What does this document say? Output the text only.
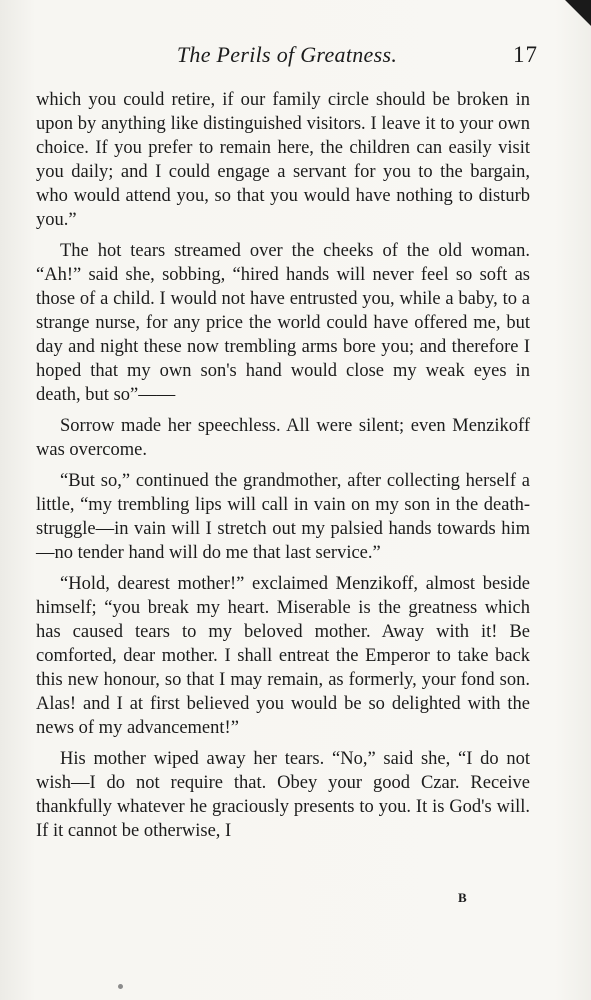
The Perils of Greatness.	17

which you could retire, if our family circle should be broken in upon by anything like distinguished visitors. I leave it to your own choice. If you prefer to remain here, the children can easily visit you daily; and I could engage a servant for you to the bargain, who would attend you, so that you would have nothing to disturb you.”

The hot tears streamed over the cheeks of the old woman. “Ah!” said she, sobbing, “hired hands will never feel so soft as those of a child. I would not have entrusted you, while a baby, to a strange nurse, for any price the world could have offered me, but day and night these now trembling arms bore you; and therefore I hoped that my own son's hand would close my weak eyes in death, but so”——

Sorrow made her speechless. All were silent; even Menzikoff was overcome.

“But so,” continued the grandmother, after collecting herself a little, “my trembling lips will call in vain on my son in the death-struggle—in vain will I stretch out my palsied hands towards him—no tender hand will do me that last service.”

“Hold, dearest mother!” exclaimed Menzikoff, almost beside himself; “you break my heart. Miserable is the greatness which has caused tears to my beloved mother. Away with it! Be comforted, dear mother. I shall entreat the Emperor to take back this new honour, so that I may remain, as formerly, your fond son. Alas! and I at first believed you would be so delighted with the news of my advancement!”

His mother wiped away her tears. “No,” said she, “I do not wish—I do not require that. Obey your good Czar. Receive thankfully whatever he graciously presents to you. It is God's will. If it cannot be otherwise, I

B
